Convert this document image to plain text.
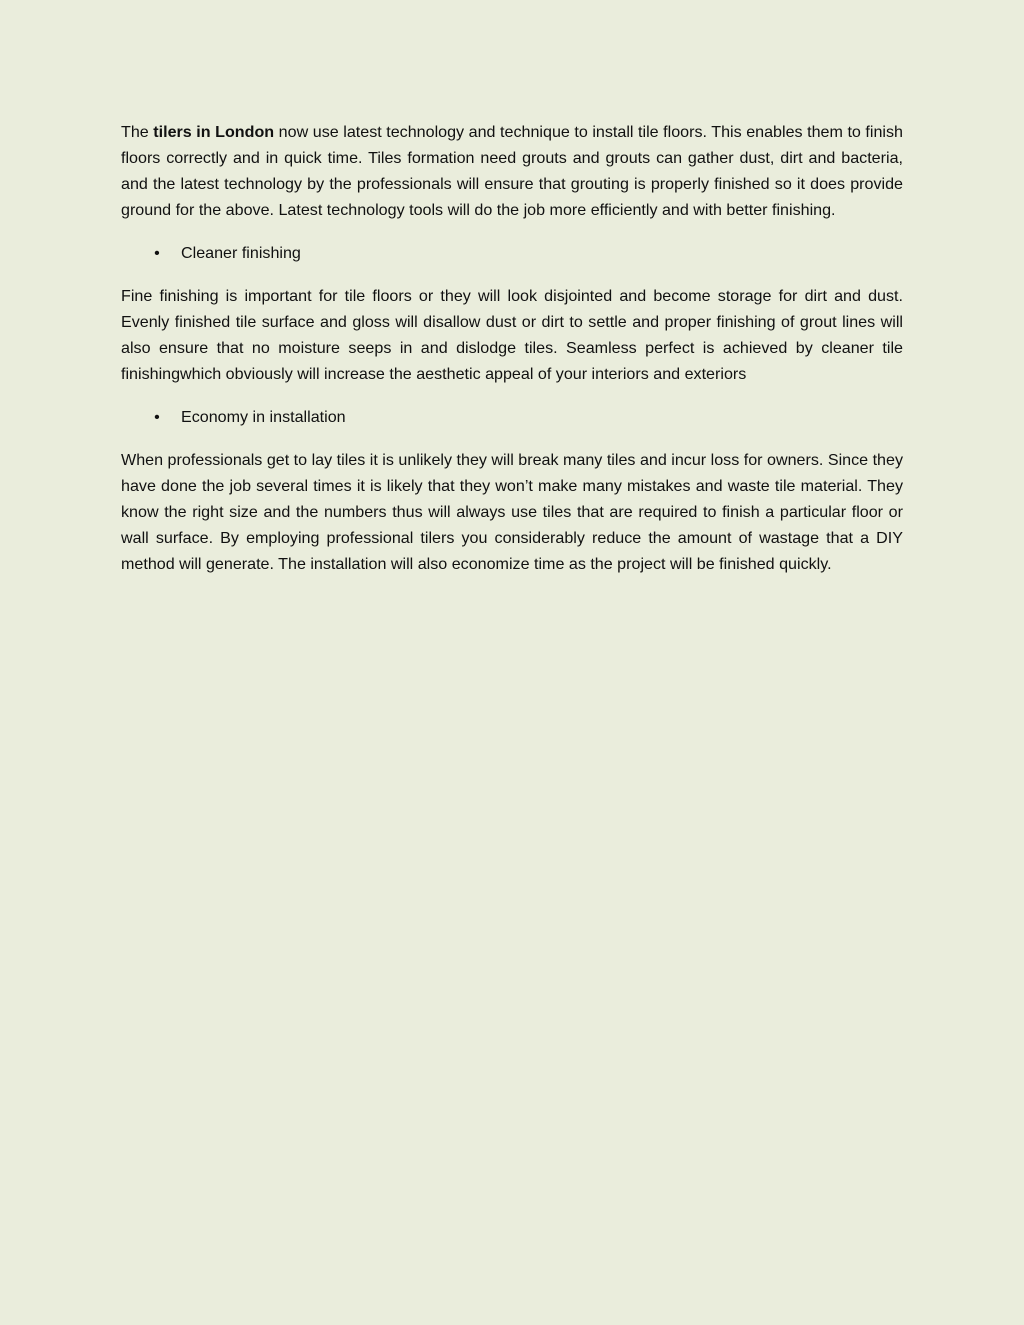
The tilers in London now use latest technology and technique to install tile floors. This enables them to finish floors correctly and in quick time. Tiles formation need grouts and grouts can gather dust, dirt and bacteria, and the latest technology by the professionals will ensure that grouting is properly finished so it does provide ground for the above. Latest technology tools will do the job more efficiently and with better finishing.

• Cleaner finishing

Fine finishing is important for tile floors or they will look disjointed and become storage for dirt and dust. Evenly finished tile surface and gloss will disallow dust or dirt to settle and proper finishing of grout lines will also ensure that no moisture seeps in and dislodge tiles. Seamless perfect is achieved by cleaner tile finishingwhich obviously will increase the aesthetic appeal of your interiors and exteriors

• Economy in installation

When professionals get to lay tiles it is unlikely they will break many tiles and incur loss for owners. Since they have done the job several times it is likely that they won’t make many mistakes and waste tile material. They know the right size and the numbers thus will always use tiles that are required to finish a particular floor or wall surface. By employing professional tilers you considerably reduce the amount of wastage that a DIY method will generate. The installation will also economize time as the project will be finished quickly.
